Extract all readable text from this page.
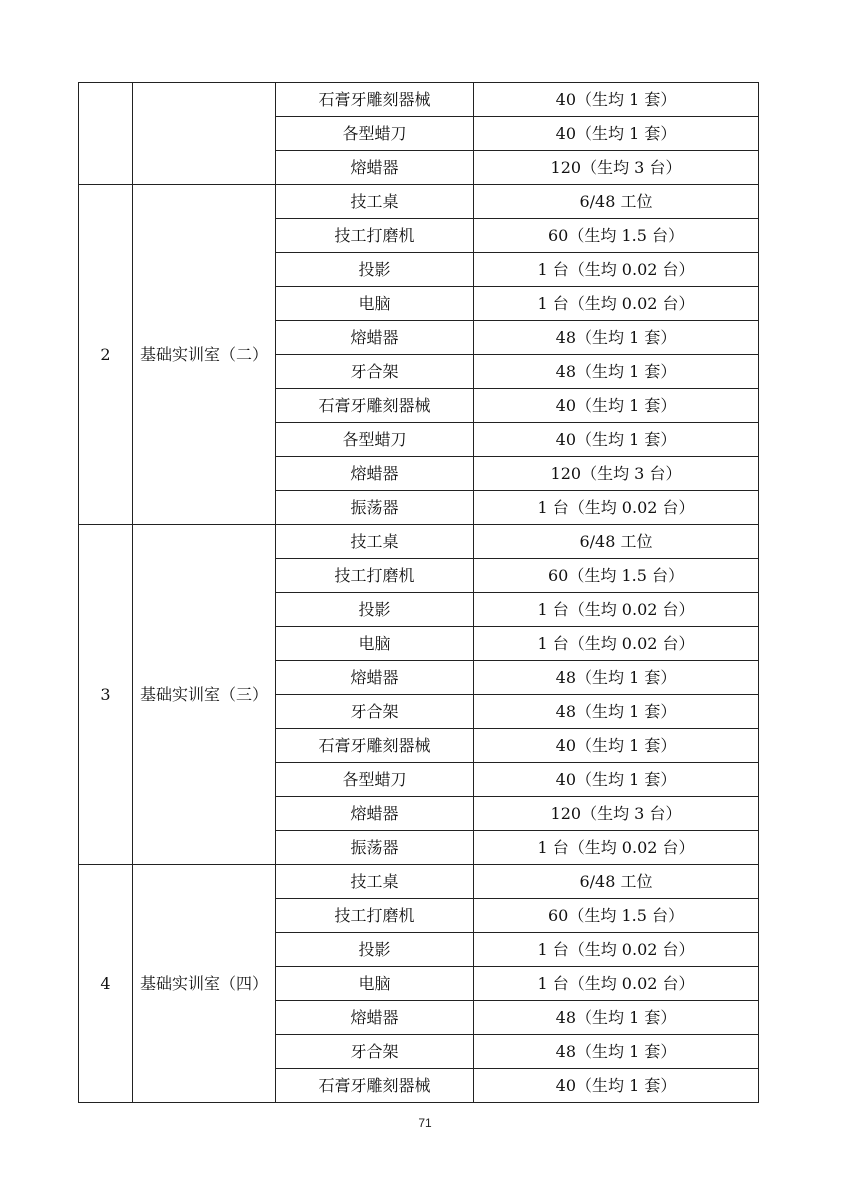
		石膏牙雕刻器械	40（生均 1 套）
		各型蜡刀	40（生均 1 套）
		熔蜡器	120（生均 3 台）
2	基础实训室（二）	技工桌	6/48 工位
		技工打磨机	60（生均 1.5 台）
		投影	1 台（生均 0.02 台）
		电脑	1 台（生均 0.02 台）
		熔蜡器	48（生均 1 套）
		牙合架	48（生均 1 套）
		石膏牙雕刻器械	40（生均 1 套）
		各型蜡刀	40（生均 1 套）
		熔蜡器	120（生均 3 台）
		振荡器	1 台（生均 0.02 台）
3	基础实训室（三）	技工桌	6/48 工位
		技工打磨机	60（生均 1.5 台）
		投影	1 台（生均 0.02 台）
		电脑	1 台（生均 0.02 台）
		熔蜡器	48（生均 1 套）
		牙合架	48（生均 1 套）
		石膏牙雕刻器械	40（生均 1 套）
		各型蜡刀	40（生均 1 套）
		熔蜡器	120（生均 3 台）
		振荡器	1 台（生均 0.02 台）
4	基础实训室（四）	技工桌	6/48 工位
		技工打磨机	60（生均 1.5 台）
		投影	1 台（生均 0.02 台）
		电脑	1 台（生均 0.02 台）
		熔蜡器	48（生均 1 套）
		牙合架	48（生均 1 套）
		石膏牙雕刻器械	40（生均 1 套）
71
